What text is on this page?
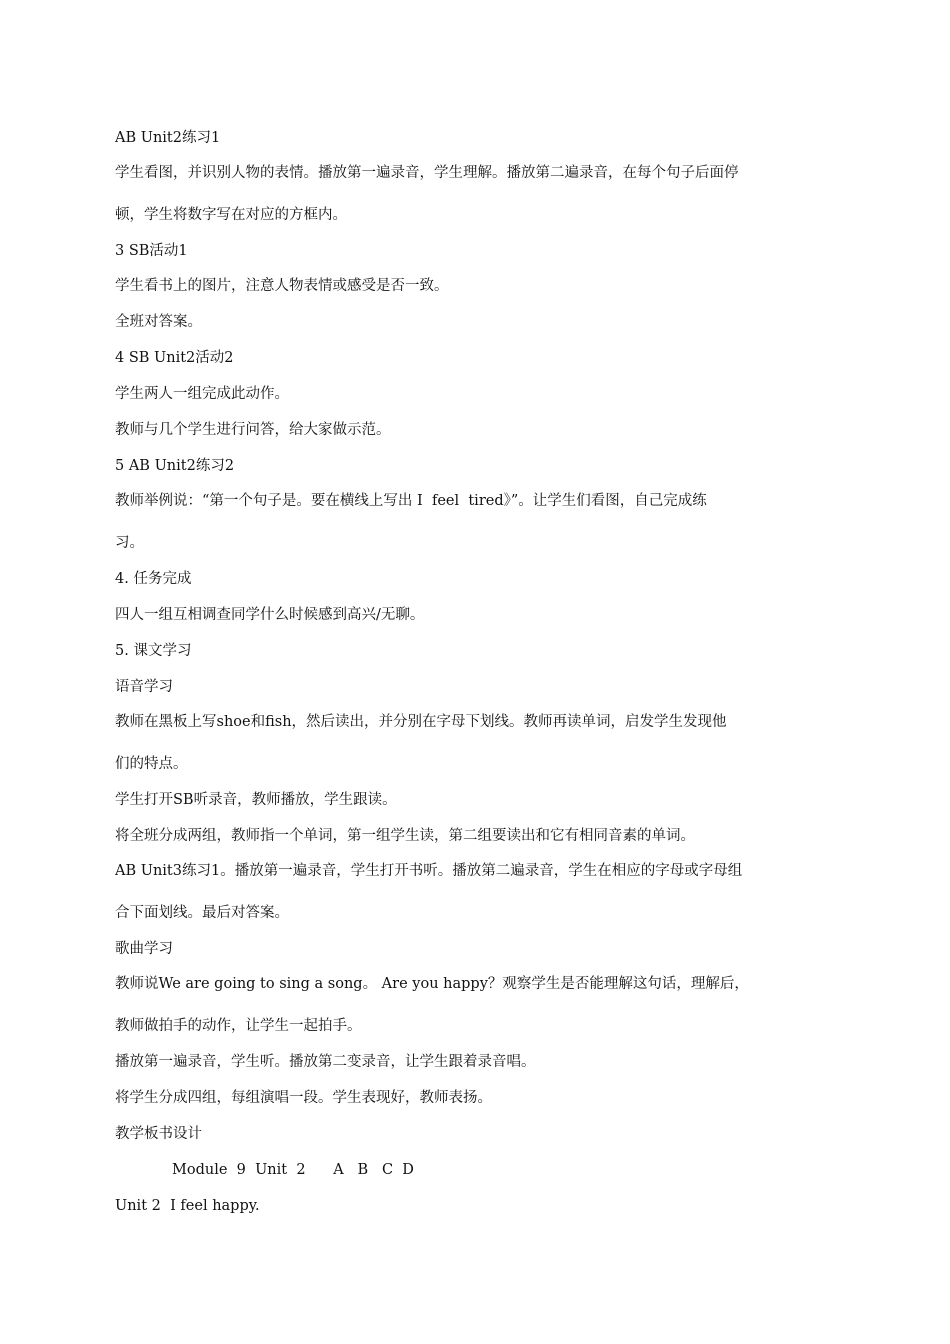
AB Unit2练习1
学生看图，并识别人物的表情。播放第一遍录音，学生理解。播放第二遍录音，在每个句子后面停
顿，学生将数字写在对应的方框内。
3 SB活动1
学生看书上的图片，注意人物表情或感受是否一致。
全班对答案。
4 SB Unit2活动2
学生两人一组完成此动作。
教师与几个学生进行问答，给大家做示范。
5 AB Unit2练习2
教师举例说：“第一个句子是。要在横线上写出 I  feel  tired》”。让学生们看图，自己完成练
习。
4. 任务完成
四人一组互相调查同学什么时候感到高兴/无聊。
5. 课文学习
语音学习
教师在黑板上写shoe和fish，然后读出，并分别在字母下划线。教师再读单词，启发学生发现他
们的特点。
学生打开SB听录音，教师播放，学生跟读。
将全班分成两组，教师指一个单词，第一组学生读，第二组要读出和它有相同音素的单词。
AB Unit3练习1。播放第一遍录音，学生打开书听。播放第二遍录音，学生在相应的字母或字母组
合下面划线。最后对答案。
歌曲学习
教师说We are going to sing a song。 Are you happy？观察学生是否能理解这句话，理解后，
教师做拍手的动作，让学生一起拍手。
播放第一遍录音，学生听。播放第二变录音，让学生跟着录音唱。
将学生分成四组，每组演唱一段。学生表现好，教师表扬。
教学板书设计
Module  9  Unit  2      A   B   C  D
Unit 2  I feel happy.
